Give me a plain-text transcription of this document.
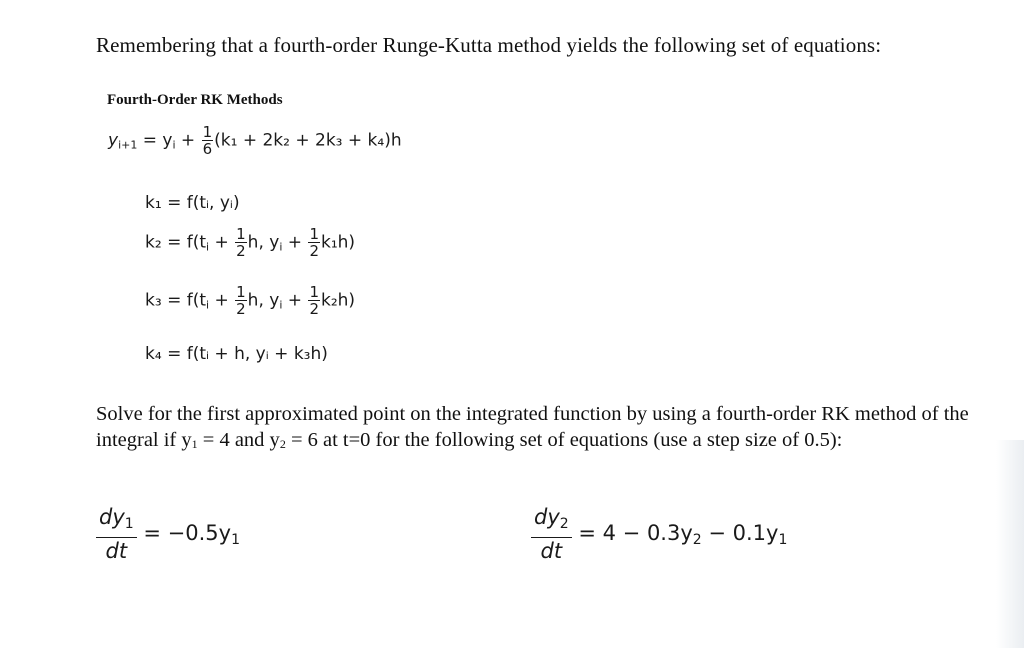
Remembering that a fourth-order Runge-Kutta method yields the following set of equations:
Fourth-Order RK Methods
$y_{i+1} = y_i + \frac{1}{6} (k_1 + 2k_2 + 2k_3 + k_4)h$
k₁ = f(tᵢ, yᵢ)
$k_2 = f(t_i + \frac{1}{2} h$, $y_i + \frac{1}{2} k_1h$)
$k_3 = f(t_i + \frac{1}{2} h$, $y_i + \frac{1}{2} k_2h$)
k₄ = f(tᵢ + h, yᵢ + k₃h)
Solve for the first approximated point on the integrated function by using a fourth-order RK method of the integral if $y_1 = 4$ and $y_2 = 6$ at t=0 for the following set of equations (use a step size of 0.5):
$\frac{dy_1}{dt} = -0.5y_1$	$\frac{dy_2}{dt} = 4 - 0.3y_2 - 0.1y_1$
